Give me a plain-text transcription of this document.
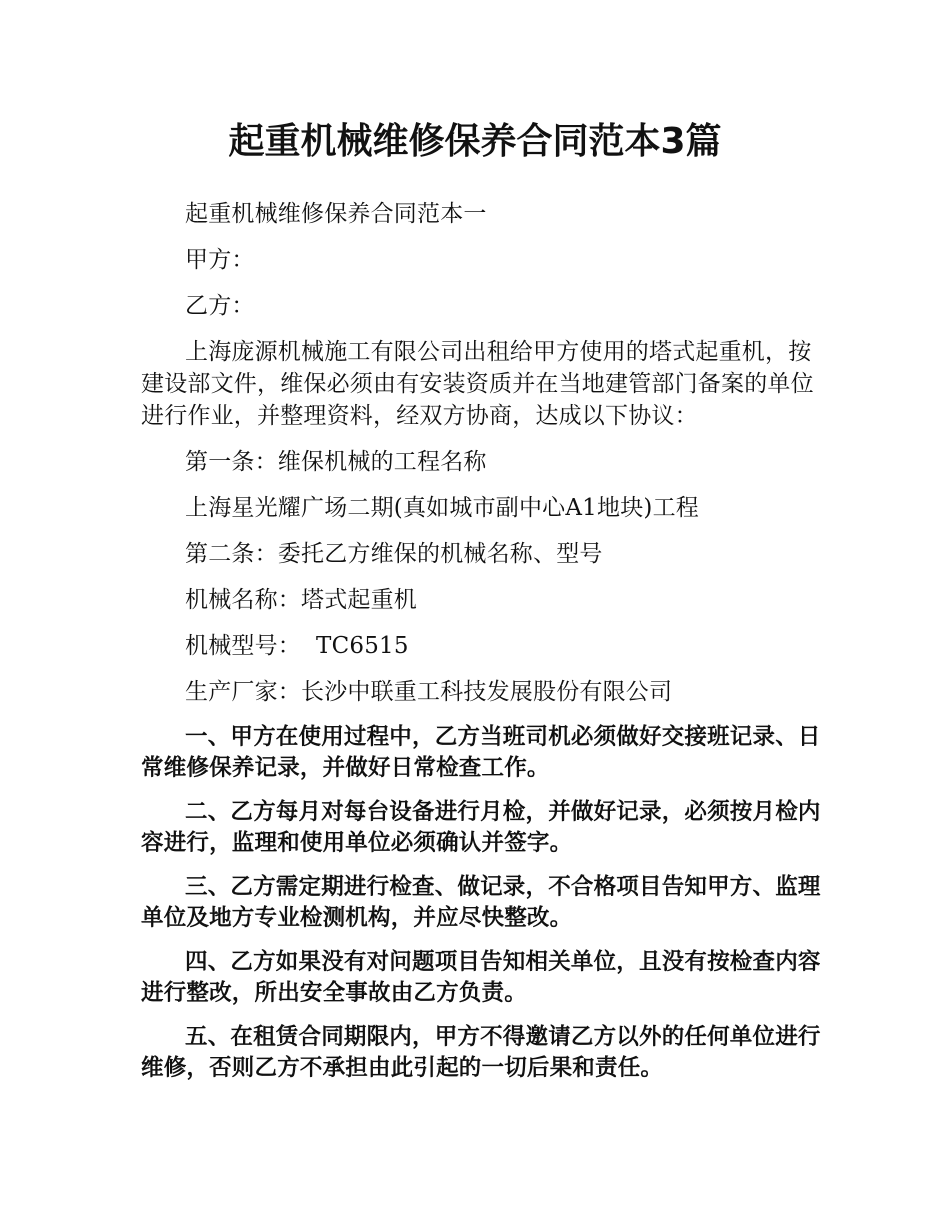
起重机械维修保养合同范本3篇

起重机械维修保养合同范本一

甲方：

乙方：

上海庞源机械施工有限公司出租给甲方使用的塔式起重机，按建设部文件，维保必须由有安装资质并在当地建管部门备案的单位进行作业，并整理资料，经双方协商，达成以下协议：

第一条：维保机械的工程名称

上海星光耀广场二期(真如城市副中心A1地块)工程

第二条：委托乙方维保的机械名称、型号

机械名称：塔式起重机

机械型号：  TC6515

生产厂家：长沙中联重工科技发展股份有限公司

一、甲方在使用过程中，乙方当班司机必须做好交接班记录、日常维修保养记录，并做好日常检查工作。

二、乙方每月对每台设备进行月检，并做好记录，必须按月检内容进行，监理和使用单位必须确认并签字。

三、乙方需定期进行检查、做记录，不合格项目告知甲方、监理单位及地方专业检测机构，并应尽快整改。

四、乙方如果没有对问题项目告知相关单位，且没有按检查内容进行整改，所出安全事故由乙方负责。

五、在租赁合同期限内，甲方不得邀请乙方以外的任何单位进行维修，否则乙方不承担由此引起的一切后果和责任。
